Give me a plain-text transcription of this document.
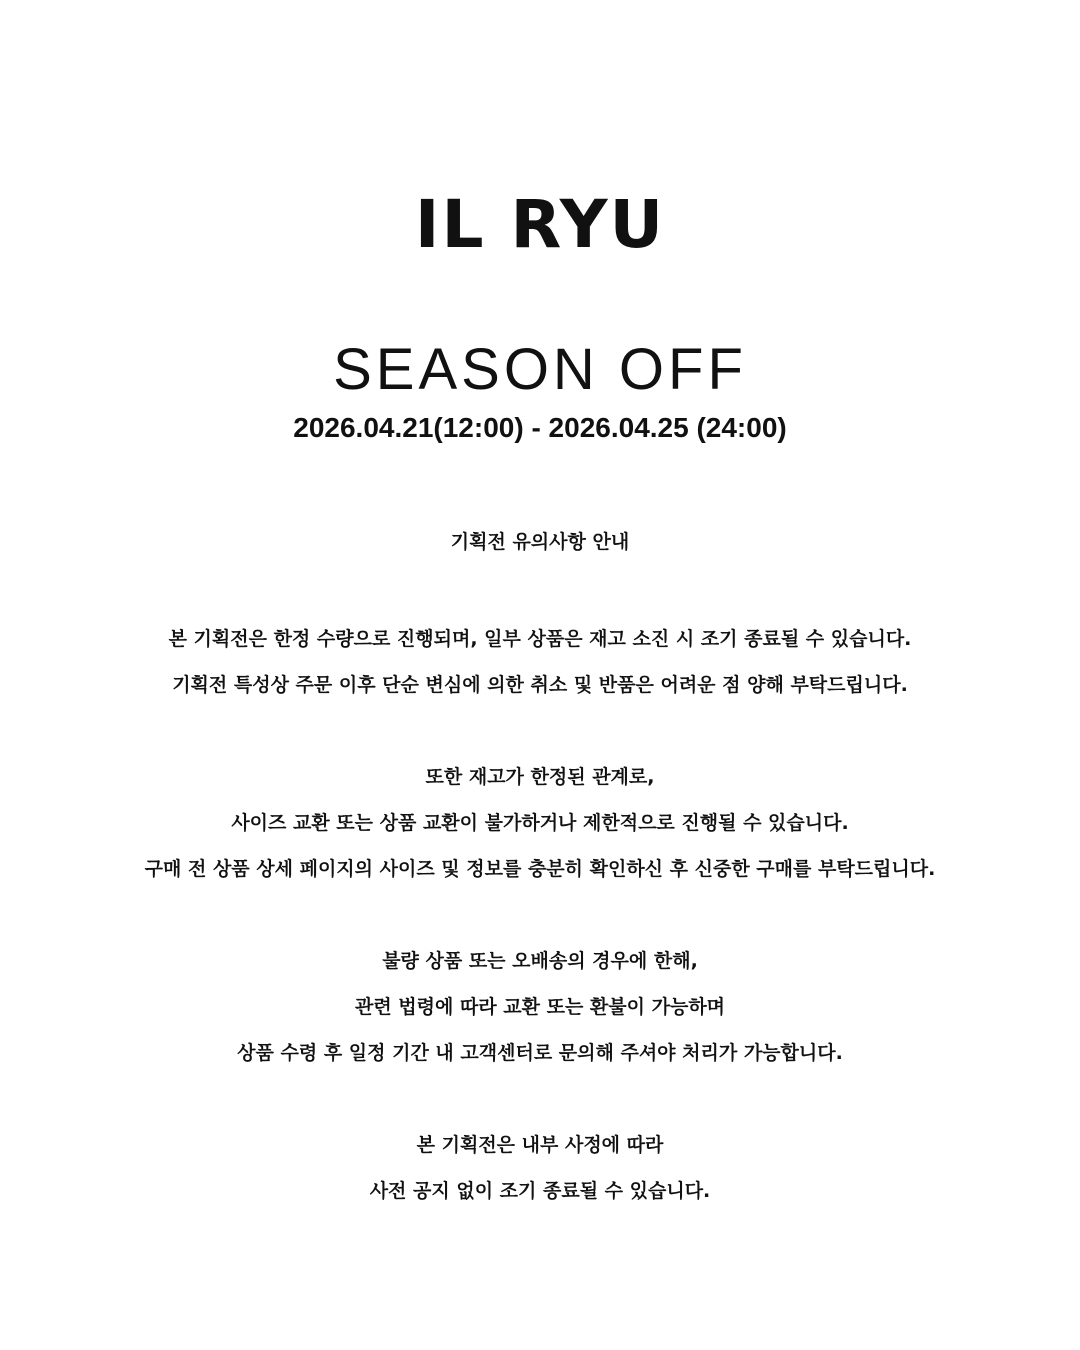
IL RYU
SEASON OFF
2026.04.21(12:00) - 2026.04.25 (24:00)
기획전 유의사항 안내
본 기획전은 한정 수량으로 진행되며, 일부 상품은 재고 소진 시 조기 종료될 수 있습니다.
기획전 특성상 주문 이후 단순 변심에 의한 취소 및 반품은 어려운 점 양해 부탁드립니다.
또한 재고가 한정된 관계로,
사이즈 교환 또는 상품 교환이 불가하거나 제한적으로 진행될 수 있습니다.
구매 전 상품 상세 페이지의 사이즈 및 정보를 충분히 확인하신 후 신중한 구매를 부탁드립니다.
불량 상품 또는 오배송의 경우에 한해,
관련 법령에 따라 교환 또는 환불이 가능하며
상품 수령 후 일정 기간 내 고객센터로 문의해 주셔야 처리가 가능합니다.
본 기획전은 내부 사정에 따라
사전 공지 없이 조기 종료될 수 있습니다.
